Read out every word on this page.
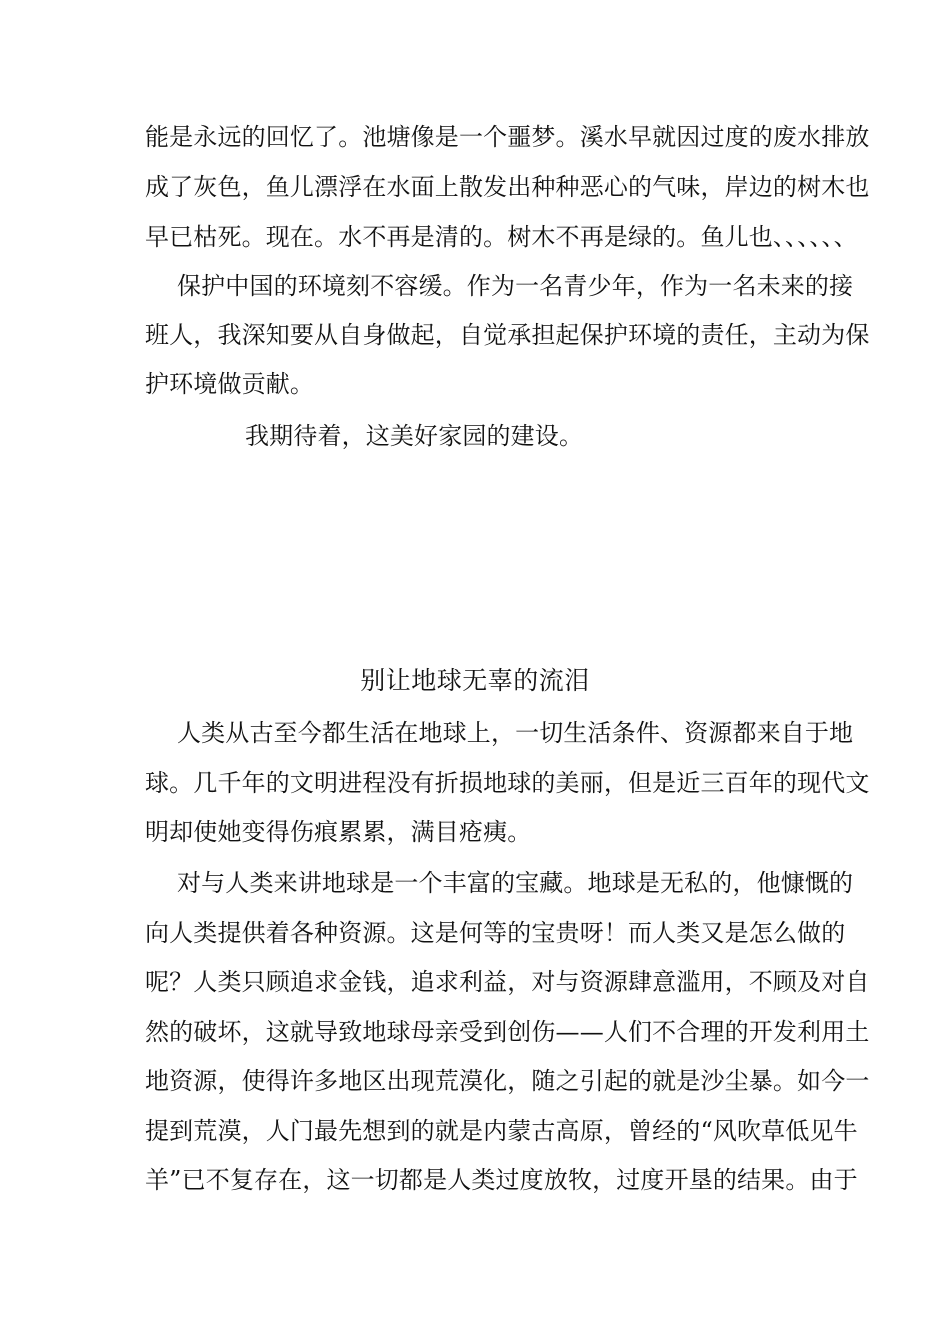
能是永远的回忆了。池塘像是一个噩梦。溪水早就因过度的废水排放
成了灰色，鱼儿漂浮在水面上散发出种种恶心的气味，岸边的树木也
早已枯死。现在。水不再是清的。树木不再是绿的。鱼儿也、、、、、、
保护中国的环境刻不容缓。作为一名青少年，作为一名未来的接
班人，我深知要从自身做起，自觉承担起保护环境的责任，主动为保
护环境做贡献。
我期待着，这美好家园的建设。
别让地球无辜的流泪
人类从古至今都生活在地球上，一切生活条件、资源都来自于地
球。几千年的文明进程没有折损地球的美丽，但是近三百年的现代文
明却使她变得伤痕累累，满目疮痍。
对与人类来讲地球是一个丰富的宝藏。地球是无私的，他慷慨的
向人类提供着各种资源。这是何等的宝贵呀！而人类又是怎么做的
呢？人类只顾追求金钱，追求利益，对与资源肆意滥用，不顾及对自
然的破坏，这就导致地球母亲受到创伤——人们不合理的开发利用土
地资源，使得许多地区出现荒漠化，随之引起的就是沙尘暴。如今一
提到荒漠，人门最先想到的就是内蒙古高原，曾经的“风吹草低见牛
羊”已不复存在，这一切都是人类过度放牧，过度开垦的结果。由于
